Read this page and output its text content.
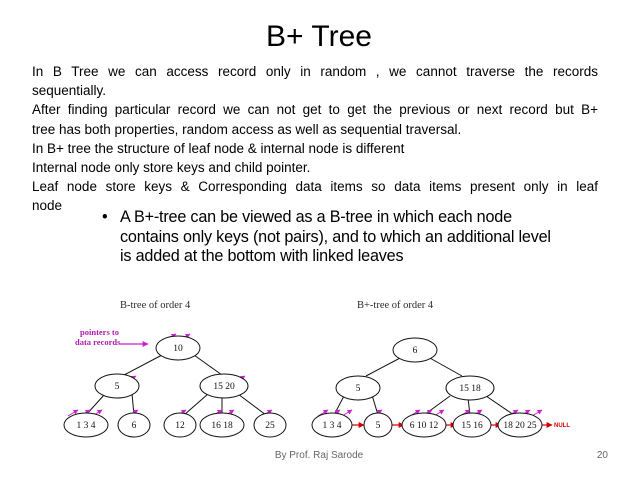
B+ Tree

In B Tree we can access record only in random , we cannot traverse the records

sequentially.

After finding particular record we can not get to get the previous or next record but B+

tree has both properties, random access as well as sequential traversal.

In B+ tree the structure of leaf node & internal node is different

Internal node only store keys and child pointer.

Leaf node store keys & Corresponding data items so data items present only in leaf

node

• A B+-tree can be viewed as a B-tree in which each node
contains only keys (not pairs), and to which an additional level
is added at the bottom with linked leaves
B-tree of order 4	B+-tree of order 4
pointers to
data records
10
5	15 20
1 3 4	6	12	16 18	25	NULL
6
5	15 18
1 3 4	5	6 10 12 15 16 18 20 25
By Prof. Raj Sarode	20
